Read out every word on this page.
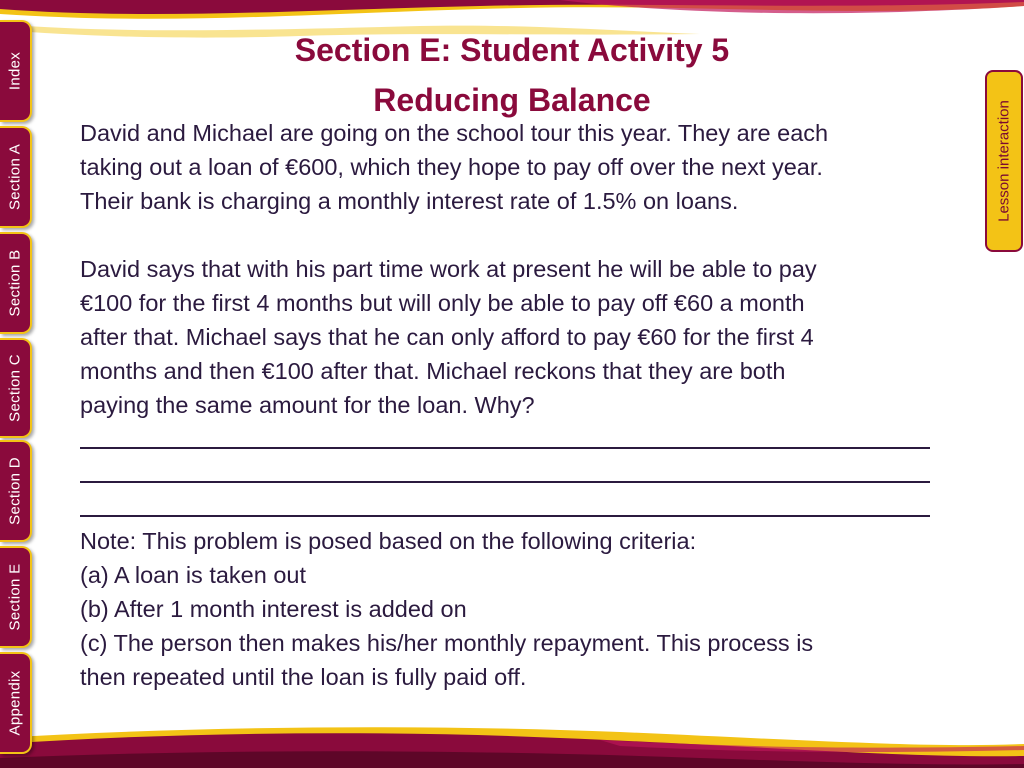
Index
Section A
Section B
Section C
Section D
Section E
Appendix
Lesson interaction
Section E: Student Activity 5
Reducing Balance

David and Michael are going on the school tour this year. They are each

taking out a loan of €600, which they hope to pay off over the next year.

Their bank is charging a monthly interest rate of 1.5% on loans.

David says that with his part time work at present he will be able to pay

€100 for the first 4 months but will only be able to pay off €60 a month

after that. Michael says that he can only afford to pay €60 for the first 4

months and then €100 after that. Michael reckons that they are both

paying the same amount for the loan. Why?

Note: This problem is posed based on the following criteria:

(a) A loan is taken out

(b) After 1 month interest is added on

(c) The person then makes his/her monthly repayment. This process is

then repeated until the loan is fully paid off.
